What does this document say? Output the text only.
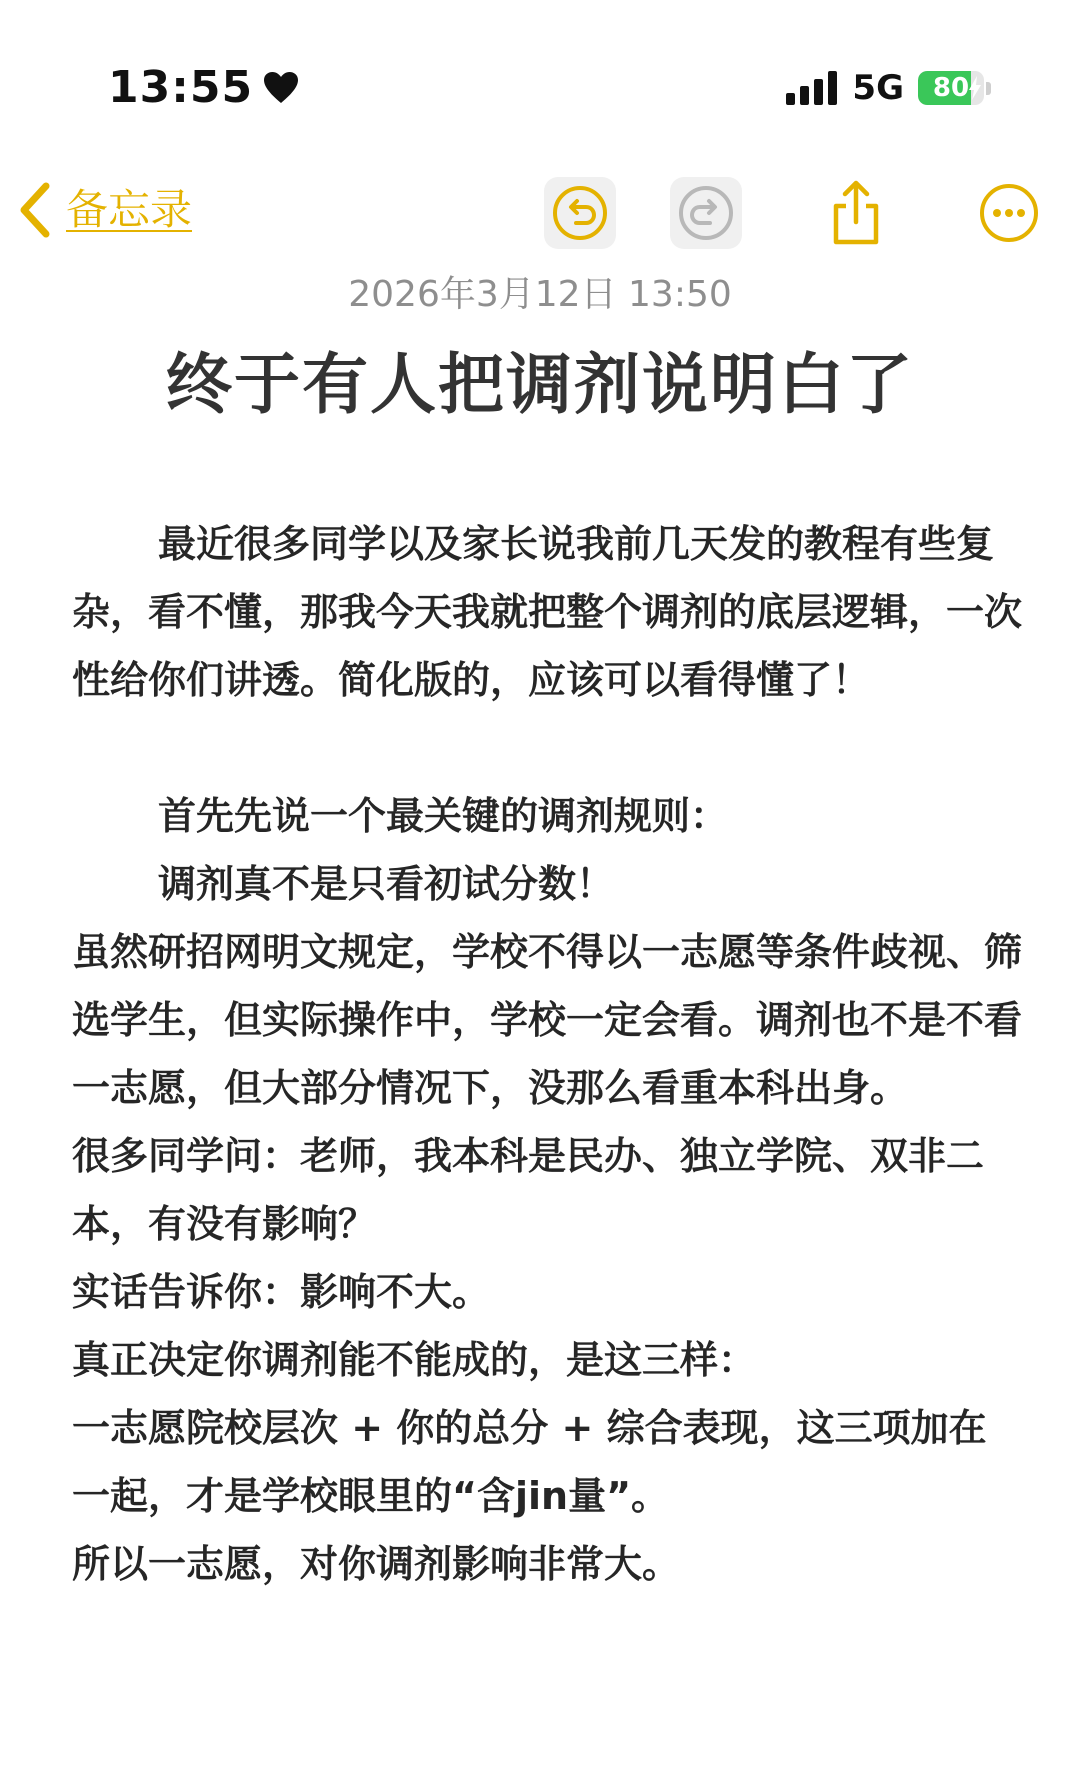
13:55	5G	80
备忘录
2026年3月12日 13:50
终于有人把调剂说明白了

最近很多同学以及家长说我前几天发的教程有些复杂，看不懂，那我今天我就把整个调剂的底层逻辑，一次性给你们讲透。简化版的，应该可以看得懂了！

首先先说一个最关键的调剂规则：

调剂真不是只看初试分数！

虽然研招网明文规定，学校不得以一志愿等条件歧视、筛选学生，但实际操作中，学校一定会看。调剂也不是不看一志愿，但大部分情况下，没那么看重本科出身。

很多同学问：老师，我本科是民办、独立学院、双非二本，有没有影响？

实话告诉你：影响不大。

真正决定你调剂能不能成的，是这三样：

一志愿院校层次 + 你的总分 + 综合表现，这三项加在一起，才是学校眼里的“含jin量”。

所以一志愿，对你调剂影响非常大。
